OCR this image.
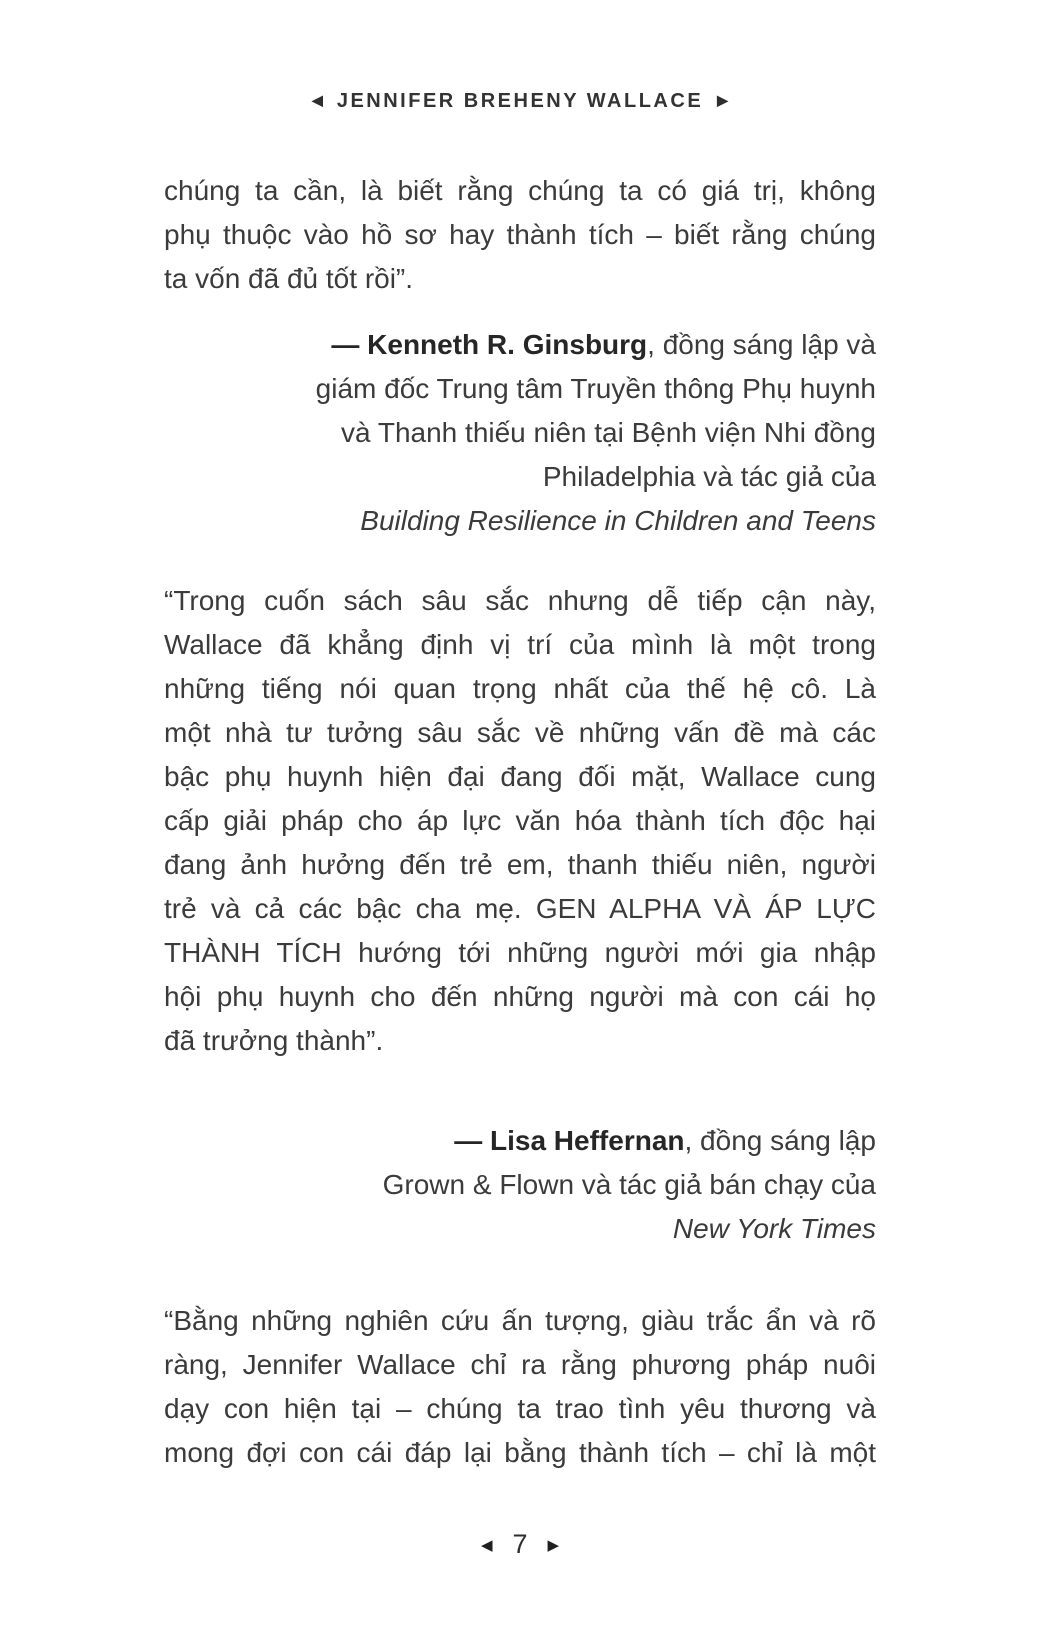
◀ JENNIFER BREHENY WALLACE ▶
chúng ta cần, là biết rằng chúng ta có giá trị, không
phụ thuộc vào hồ sơ hay thành tích – biết rằng chúng
ta vốn đã đủ tốt rồi”.
— Kenneth R. Ginsburg, đồng sáng lập và
giám đốc Trung tâm Truyền thông Phụ huynh
và Thanh thiếu niên tại Bệnh viện Nhi đồng
Philadelphia và tác giả của
Building Resilience in Children and Teens
“Trong cuốn sách sâu sắc nhưng dễ tiếp cận này,
Wallace đã khẳng định vị trí của mình là một trong
những tiếng nói quan trọng nhất của thế hệ cô. Là
một nhà tư tưởng sâu sắc về những vấn đề mà các
bậc phụ huynh hiện đại đang đối mặt, Wallace cung
cấp giải pháp cho áp lực văn hóa thành tích độc hại
đang ảnh hưởng đến trẻ em, thanh thiếu niên, người
trẻ và cả các bậc cha mẹ. GEN ALPHA VÀ ÁP LỰC
THÀNH TÍCH hướng tới những người mới gia nhập
hội phụ huynh cho đến những người mà con cái họ
đã trưởng thành”.
— Lisa Heffernan, đồng sáng lập
Grown & Flown và tác giả bán chạy của
New York Times
“Bằng những nghiên cứu ấn tượng, giàu trắc ẩn và rõ
ràng, Jennifer Wallace chỉ ra rằng phương pháp nuôi
dạy con hiện tại – chúng ta trao tình yêu thương và
mong đợi con cái đáp lại bằng thành tích – chỉ là một
◀ 7 ▶
